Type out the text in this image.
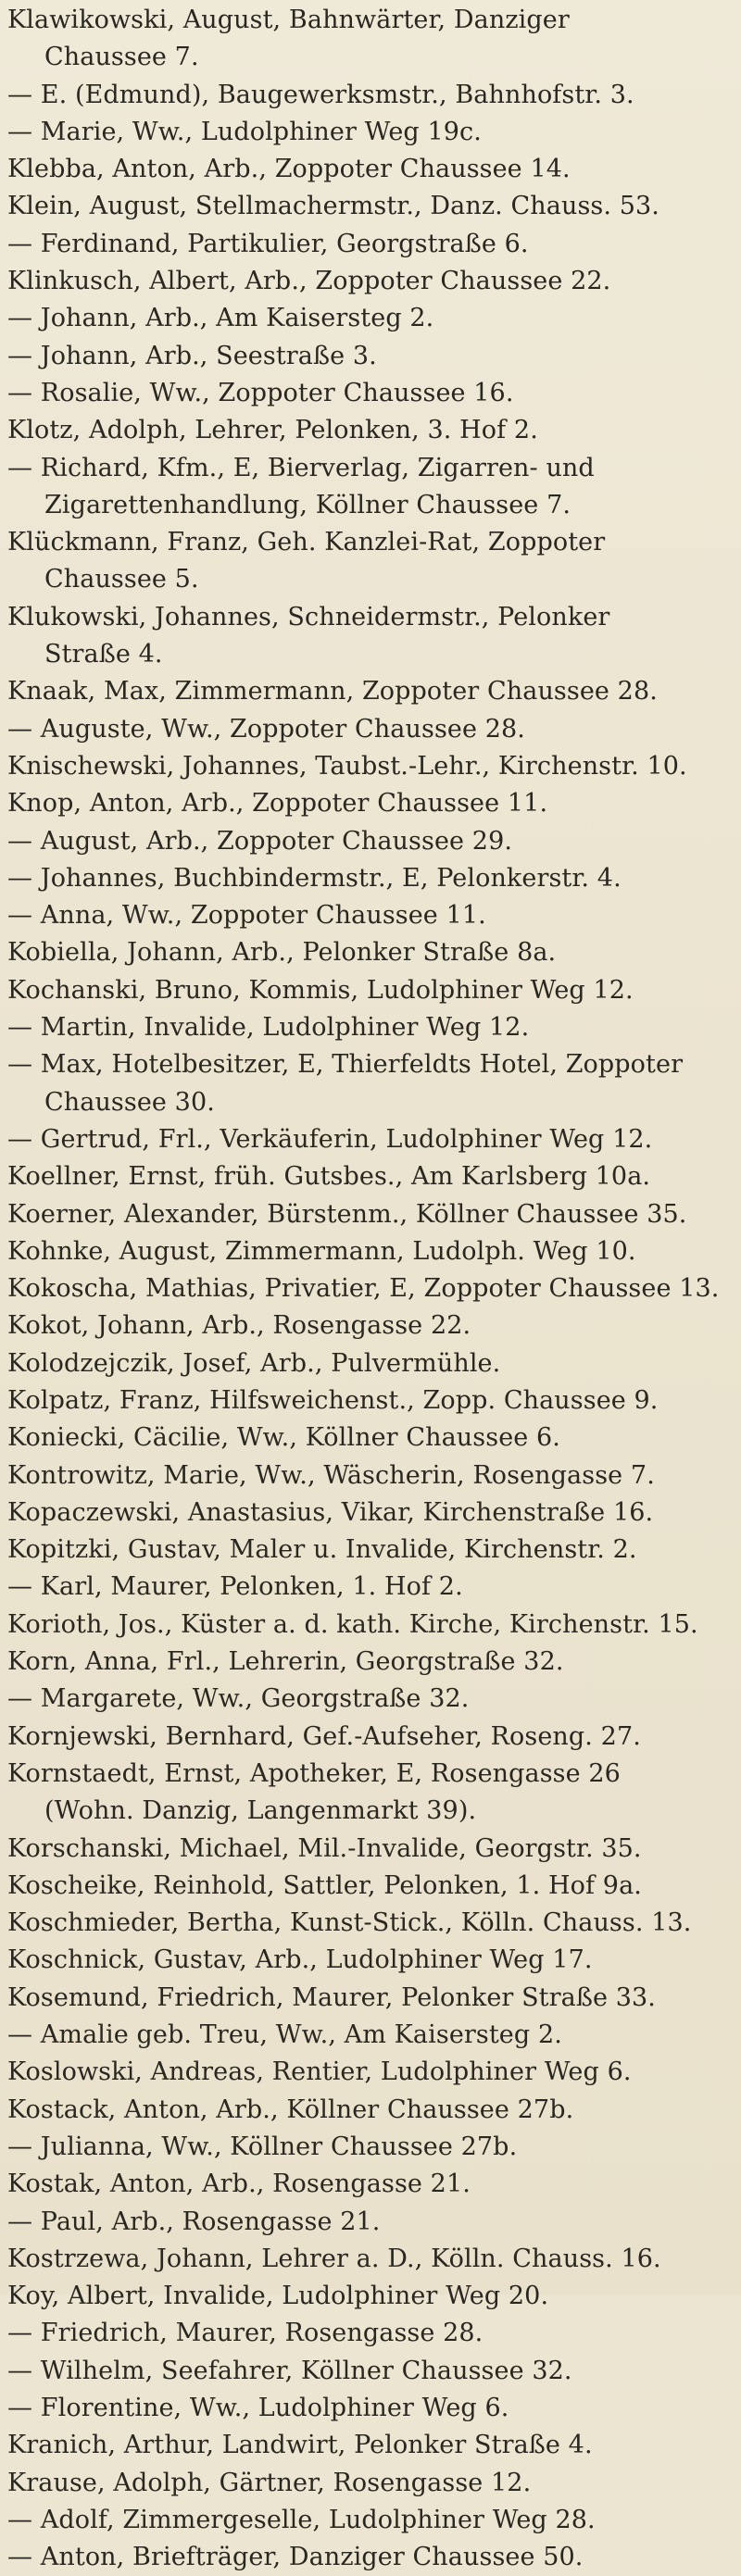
Klawikowski, August, Bahnwärter, Danziger
Chaussee 7.
— E. (Edmund), Baugewerksmstr., Bahnhofstr. 3.
— Marie, Ww., Ludolphiner Weg 19c.
Klebba, Anton, Arb., Zoppoter Chaussee 14.
Klein, August, Stellmachermstr., Danz. Chauss. 53.
— Ferdinand, Partikulier, Georgstraße 6.
Klinkusch, Albert, Arb., Zoppoter Chaussee 22.
— Johann, Arb., Am Kaisersteg 2.
— Johann, Arb., Seestraße 3.
— Rosalie, Ww., Zoppoter Chaussee 16.
Klotz, Adolph, Lehrer, Pelonken, 3. Hof 2.
— Richard, Kfm., E, Bierverlag, Zigarren- und
Zigarettenhandlung, Köllner Chaussee 7.
Klückmann, Franz, Geh. Kanzlei-Rat, Zoppoter
Chaussee 5.
Klukowski, Johannes, Schneidermstr., Pelonker
Straße 4.
Knaak, Max, Zimmermann, Zoppoter Chaussee 28.
— Auguste, Ww., Zoppoter Chaussee 28.
Knischewski, Johannes, Taubst.-Lehr., Kirchenstr. 10.
Knop, Anton, Arb., Zoppoter Chaussee 11.
— August, Arb., Zoppoter Chaussee 29.
— Johannes, Buchbindermstr., E, Pelonkerstr. 4.
— Anna, Ww., Zoppoter Chaussee 11.
Kobiella, Johann, Arb., Pelonker Straße 8a.
Kochanski, Bruno, Kommis, Ludolphiner Weg 12.
— Martin, Invalide, Ludolphiner Weg 12.
— Max, Hotelbesitzer, E, Thierfeldts Hotel, Zoppoter
Chaussee 30.
— Gertrud, Frl., Verkäuferin, Ludolphiner Weg 12.
Koellner, Ernst, früh. Gutsbes., Am Karlsberg 10a.
Koerner, Alexander, Bürstenm., Köllner Chaussee 35.
Kohnke, August, Zimmermann, Ludolph. Weg 10.
Kokoscha, Mathias, Privatier, E, Zoppoter Chaussee 13.
Kokot, Johann, Arb., Rosengasse 22.
Kolodzejczik, Josef, Arb., Pulvermühle.
Kolpatz, Franz, Hilfsweichenst., Zopp. Chaussee 9.
Koniecki, Cäcilie, Ww., Köllner Chaussee 6.
Kontrowitz, Marie, Ww., Wäscherin, Rosengasse 7.
Kopaczewski, Anastasius, Vikar, Kirchenstraße 16.
Kopitzki, Gustav, Maler u. Invalide, Kirchenstr. 2.
— Karl, Maurer, Pelonken, 1. Hof 2.
Korioth, Jos., Küster a. d. kath. Kirche, Kirchenstr. 15.
Korn, Anna, Frl., Lehrerin, Georgstraße 32.
— Margarete, Ww., Georgstraße 32.
Kornjewski, Bernhard, Gef.-Aufseher, Roseng. 27.
Kornstaedt, Ernst, Apotheker, E, Rosengasse 26
(Wohn. Danzig, Langenmarkt 39).
Korschanski, Michael, Mil.-Invalide, Georgstr. 35.
Koscheike, Reinhold, Sattler, Pelonken, 1. Hof 9a.
Koschmieder, Bertha, Kunst-Stick., Kölln. Chauss. 13.
Koschnick, Gustav, Arb., Ludolphiner Weg 17.
Kosemund, Friedrich, Maurer, Pelonker Straße 33.
— Amalie geb. Treu, Ww., Am Kaisersteg 2.
Koslowski, Andreas, Rentier, Ludolphiner Weg 6.
Kostack, Anton, Arb., Köllner Chaussee 27b.
— Julianna, Ww., Köllner Chaussee 27b.
Kostak, Anton, Arb., Rosengasse 21.
— Paul, Arb., Rosengasse 21.
Kostrzewa, Johann, Lehrer a. D., Kölln. Chauss. 16.
Koy, Albert, Invalide, Ludolphiner Weg 20.
— Friedrich, Maurer, Rosengasse 28.
— Wilhelm, Seefahrer, Köllner Chaussee 32.
— Florentine, Ww., Ludolphiner Weg 6.
Kranich, Arthur, Landwirt, Pelonker Straße 4.
Krause, Adolph, Gärtner, Rosengasse 12.
— Adolf, Zimmergeselle, Ludolphiner Weg 28.
— Anton, Briefträger, Danziger Chaussee 50.
